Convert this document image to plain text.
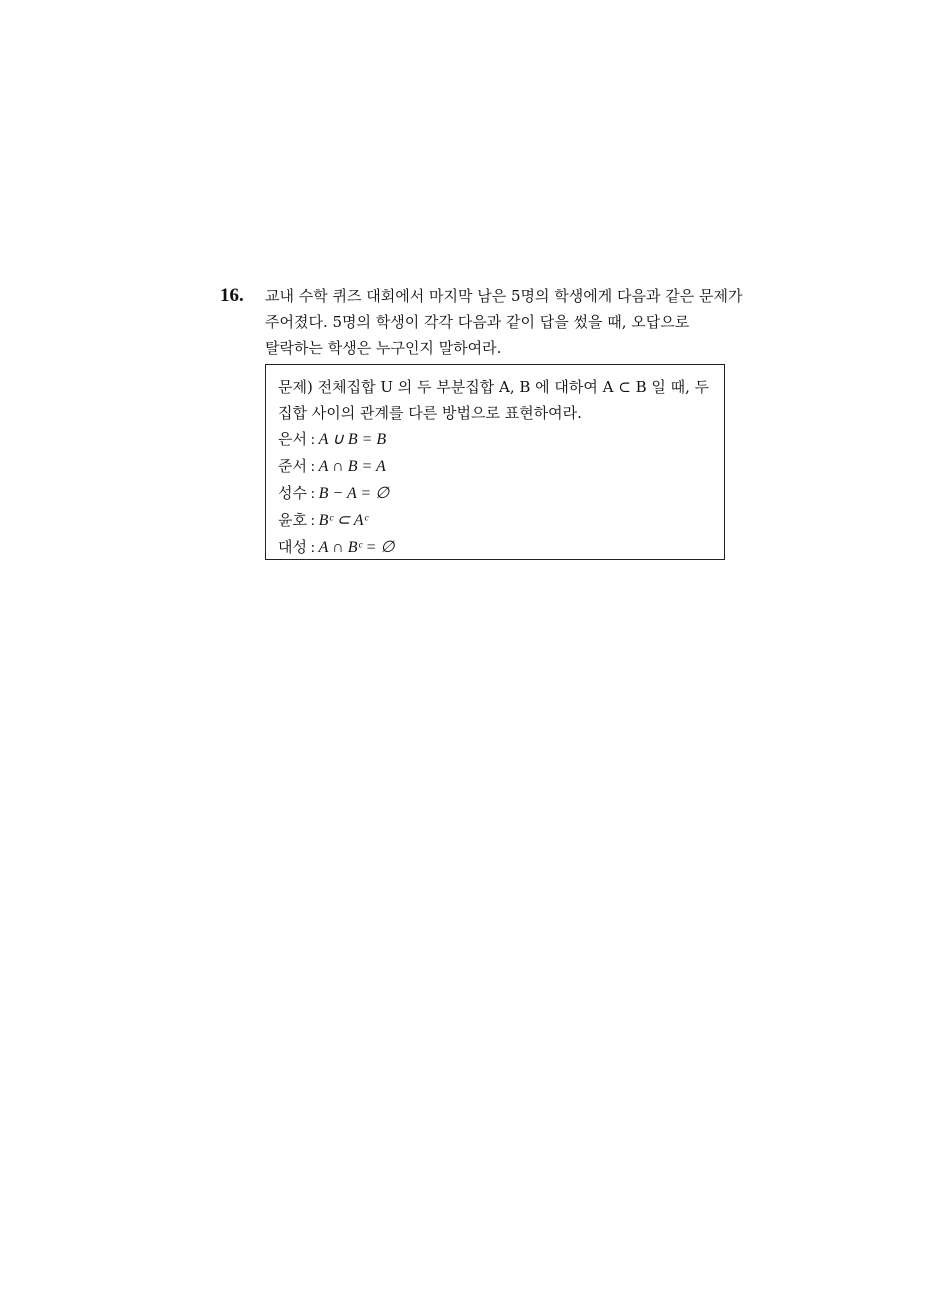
16. 교내 수학 퀴즈 대회에서 마지막 남은 5명의 학생에게 다음과 같은 문제가
주어졌다. 5명의 학생이 각각 다음과 같이 답을 썼을 때, 오답으로
탈락하는 학생은 누구인지 말하여라.
문제) 전체집합 U 의 두 부분집합 A, B 에 대하여 A ⊂ B 일 때, 두
집합 사이의 관계를 다른 방법으로 표현하여라.
은서 : A ∪ B = B
준서 : A ∩ B = A
성수 : B − A = ∅
윤호 : Bᶜ ⊂ Aᶜ
대성 : A ∩ Bᶜ = ∅
